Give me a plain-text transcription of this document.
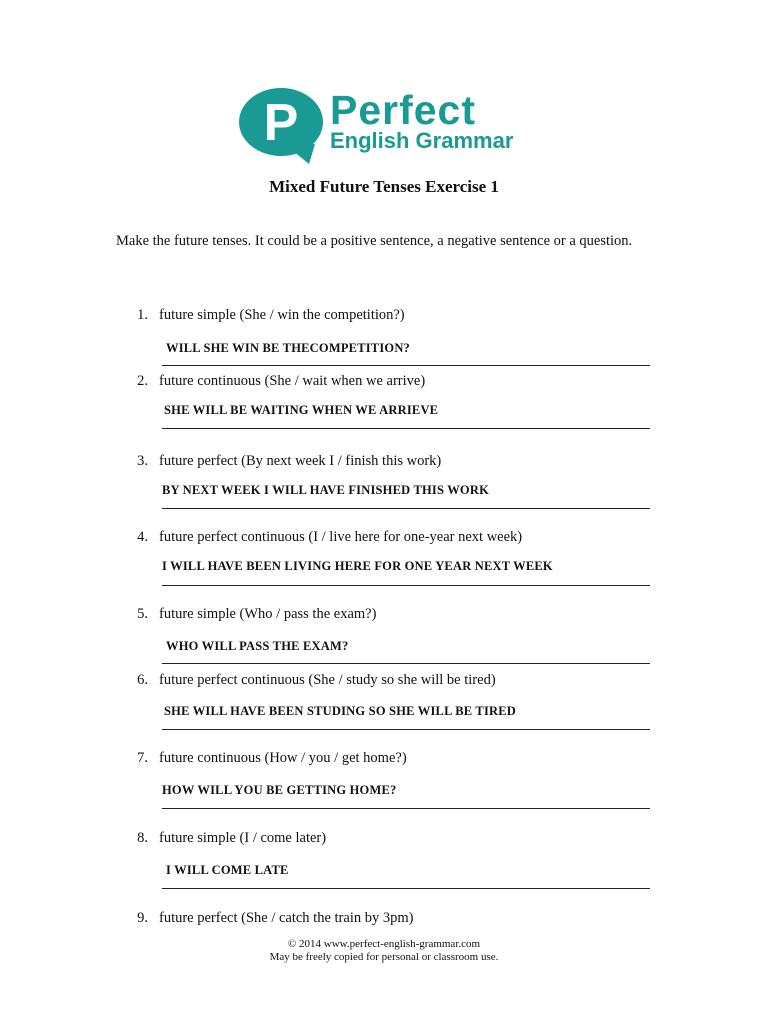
P Perfect
English Grammar
Mixed Future Tenses Exercise 1
Make the future tenses. It could be a positive sentence, a negative sentence or a question.
1. future simple (She / win the competition?)
WILL SHE WIN BE THECOMPETITION?
2. future continuous (She / wait when we arrive)
SHE WILL BE WAITING WHEN WE ARRIEVE
3. future perfect (By next week I / finish this work)
BY NEXT WEEK I WILL HAVE FINISHED THIS WORK
4. future perfect continuous (I / live here for one-year next week)
I WILL HAVE BEEN LIVING HERE FOR ONE YEAR NEXT WEEK
5. future simple (Who / pass the exam?)
WHO WILL PASS THE EXAM?
6. future perfect continuous (She / study so she will be tired)
SHE WILL HAVE BEEN STUDING SO SHE WILL BE TIRED
7. future continuous (How / you / get home?)
HOW WILL YOU BE GETTING HOME?
8. future simple (I / come later)
I WILL COME LATE
9. future perfect (She / catch the train by 3pm)
© 2014 www.perfect-english-grammar.com
May be freely copied for personal or classroom use.
